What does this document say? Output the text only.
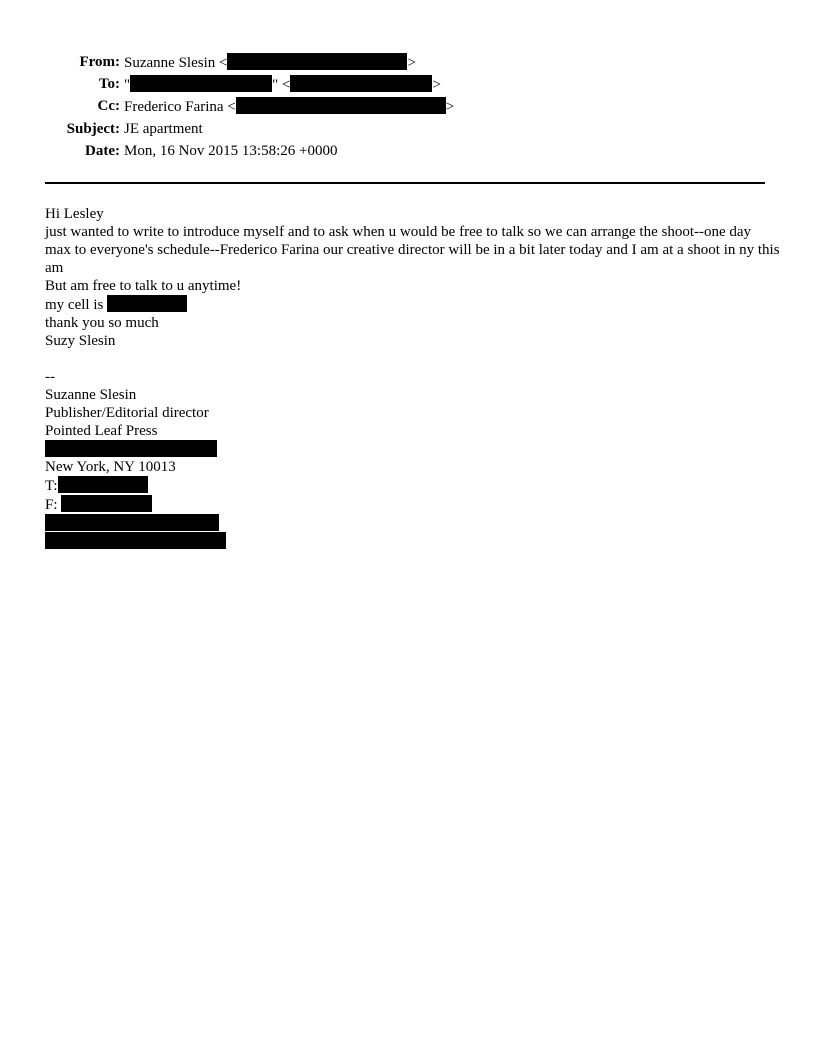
From: Suzanne Slesin <	>
To: "	" <	>
Cc: Frederico Farina <	>
Subject: JE apartment
Date: Mon, 16 Nov 2015 13:58:26 +0000
Hi Lesley
just wanted to write to introduce myself and to ask when u would be free to talk so we can arrange the shoot--one day max to everyone's schedule--Frederico Farina our creative director will be in a bit later today and I am at a shoot in ny this am
But am free to talk to u anytime!
my cell is
thank you so much
Suzy Slesin
--
Suzanne Slesin
Publisher/Editorial director
Pointed Leaf Press
New York, NY 10013
T:
F:
